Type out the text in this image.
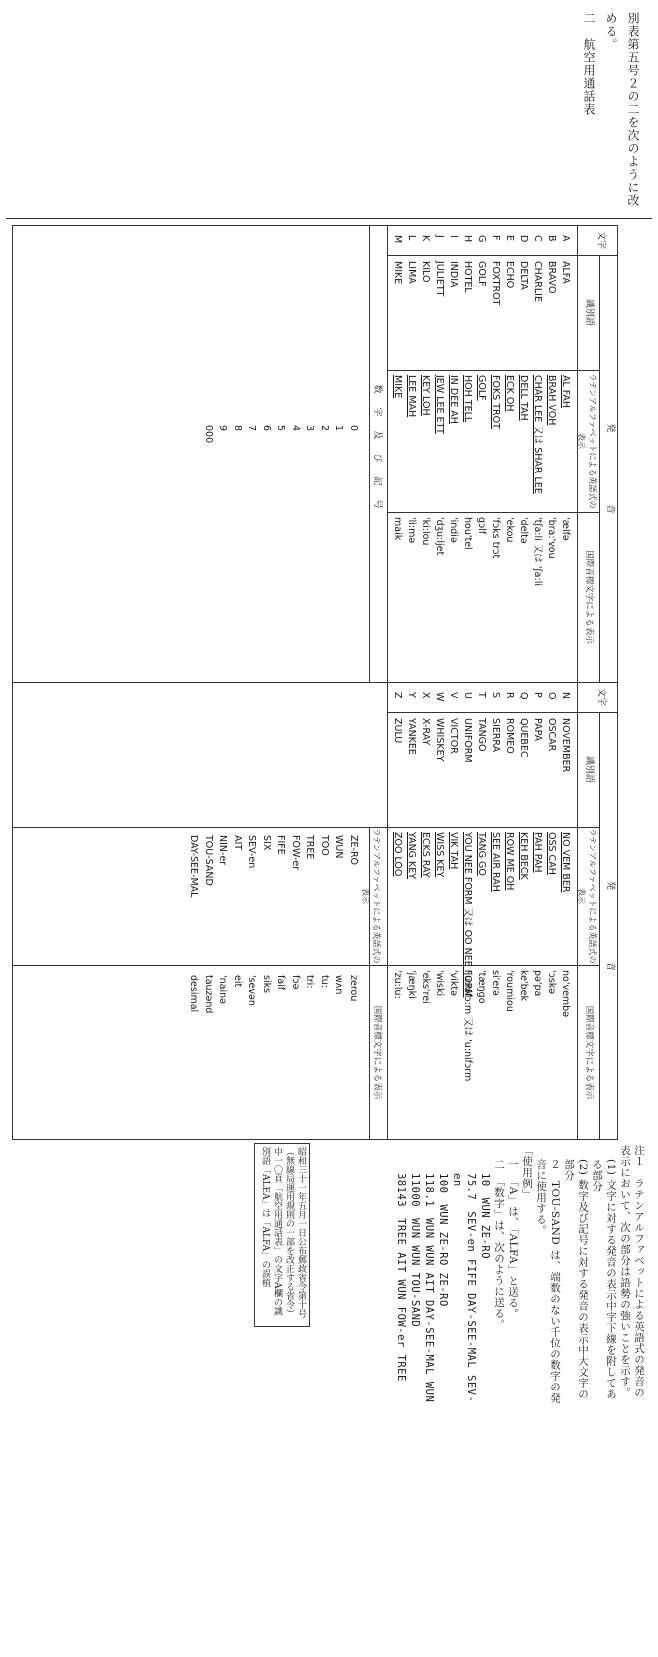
別表第五号２の二を次のように改める。
二　航空用通話表
文字
発　　　　　　　　音
識別語
ラテンアルファベットによる英語式の表示
国際音標文字による表示
A
ALFA
AL FAH
'ælfə
B
BRAVO
BRAH VOH
'bra:'vou
C
CHARLIE
CHAR LEE 又は SHAR LEE
'tʃa:li 又は 'ʃa:li
D
DELTA
DELL TAH
'deltə
E
ECHO
ECK OH
'ekou
F
FOXTROT
FOKS TROT
'fɔks trɔt
G
GOLF
GOLF
gɔlf
H
HOTEL
HOH TELL
hou'tel
I
INDIA
IN DEE AH
'indiə
J
JULIETT
JEW LEE ETT
'dʒu:ljet
K
KILO
KEY LOH
'ki:lou
L
LIMA
LEE MAH
'li:mə
M
MIKE
MIKE
maik
数字及び記号
0
1
2
3
4
5
6
7
8
9
000
文字
発　　　　　　　　音
識別語
ラテンアルファベットによる英語式の表示
国際音標文字による表示
N
NOVEMBER
NO VEM BER
no'vembə
O
OSCAR
OSS CAH
'ɔskə
P
PAPA
PAH PAH
pə'pa
Q
QUEBEC
KEH BECK
ke'bek
R
ROMEO
ROW ME OH
'roumiou
S
SIERRA
SEE AIR RAH
si'erə
T
TANGO
TANG GO
'tæŋgo
U
UNIFORM
YOU NEE FORM 又は OO NEE FORM
'ju:nifɔ:m 又は 'u:nifɔrm
V
VICTOR
VIK TAH
'viktə
W
WHISKEY
WISS KEY
'wiski
X
X-RAY
ECKS RAY
'eks'rei
Y
YANKEE
YANG KEY
'jæŋki
Z
ZULU
ZOO LOO
'zu:lu:
ラテンアルファベットによる英語式の表示
国際音標文字による表示
ZE-RO
zerou
WUN
wʌn
TOO
tu:
TREE
tri:
FOW-er
fɔə
FIFE
faif
SIX
siks
SEV-en
'sevən
AIT
eit
NIN-er
'nainə
TOU-SAND
tauzənd
DAY-SEE-MAL
desimal
注１　ラテンアルファベットによる英語式の発音の表示において、次の部分は語勢の強いことを示す。
(1) 文字に対する発音の表示中字下線を附してある部分
(2) 数字及び記号に対する発音の表示中大文字の部分
２　TOU-SAND は、端数のない千位の数字の発音に使用する。
「使用例」
一　「A」は、「ALFA」と送る。
二　「数字」は、次のように送る。
10　WUN ZE-RO
75.7　SEV-en FIFE DAY-SEE-MAL SEV-en
100　WUN ZE-RO ZE-RO
118.1　WUN WUN AIT DAY-SEE-MAL WUN
11000　WUN WUN TOU-SAND
38143　TREE AIT WUN FOW-er TREE
昭和三十一年五月一日公布郵政省令第十号（無線局運用規則の一部を改正する省令）中一〇頁「航空用通話表」の文字A欄の識別語「ALEA」は「ALFA」の誤植
